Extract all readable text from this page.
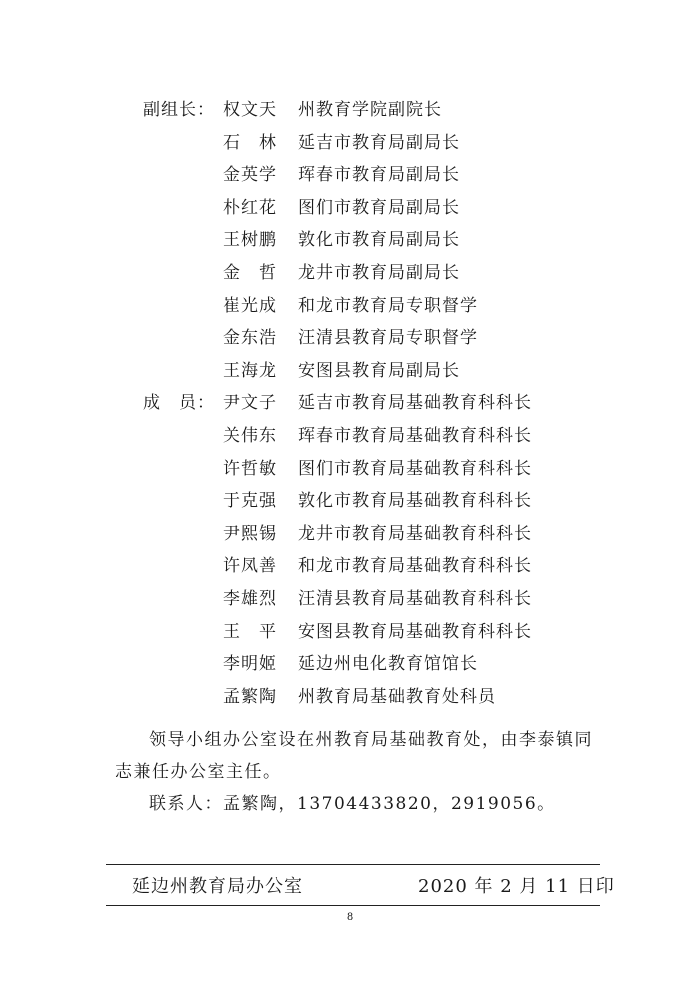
副组长： 权文天	州教育学院副院长
石　林	延吉市教育局副局长
金英学	珲春市教育局副局长
朴红花	图们市教育局副局长
王树鹏	敦化市教育局副局长
金　哲	龙井市教育局副局长
崔光成	和龙市教育局专职督学
金东浩	汪清县教育局专职督学
王海龙	安图县教育局副局长
成　员： 尹文子	延吉市教育局基础教育科科长
关伟东	珲春市教育局基础教育科科长
许哲敏	图们市教育局基础教育科科长
于克强	敦化市教育局基础教育科科长
尹熙锡	龙井市教育局基础教育科科长
许凤善	和龙市教育局基础教育科科长
李雄烈	汪清县教育局基础教育科科长
王　平	安图县教育局基础教育科科长
李明姬	延边州电化教育馆馆长
孟繁陶	州教育局基础教育处科员
领导小组办公室设在州教育局基础教育处，由李泰镇同志兼任办公室主任。
联系人：孟繁陶，13704433820，2919056。
延边州教育局办公室	2020 年 2 月 11 日印
8
